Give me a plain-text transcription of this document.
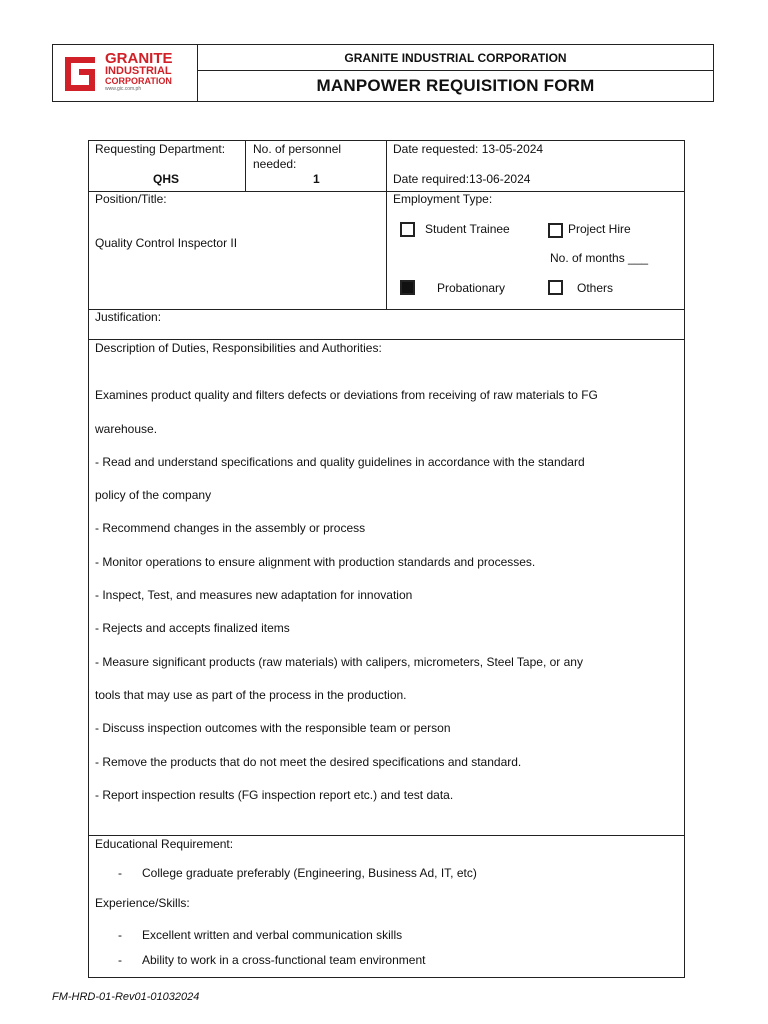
GRANITE
INDUSTRIAL
CORPORATION
www.gic.com.ph
GRANITE INDUSTRIAL CORPORATION
MANPOWER REQUISITION FORM
Requesting Department:
QHS
No. of personnel
needed:
1
Date requested: 13-05-2024
Date required:13-06-2024
Position/Title:
Quality Control Inspector II
Employment Type:
Student Trainee	Project Hire
No. of months ___
Probationary	Others
Justification:
Description of Duties, Responsibilities and Authorities:
Examines product quality and filters defects or deviations from receiving of raw materials to FG
warehouse.
- Read and understand specifications and quality guidelines in accordance with the standard
policy of the company
- Recommend changes in the assembly or process
- Monitor operations to ensure alignment with production standards and processes.
- Inspect, Test, and measures new adaptation for innovation
- Rejects and accepts finalized items
- Measure significant products (raw materials) with calipers, micrometers, Steel Tape, or any
tools that may use as part of the process in the production.
- Discuss inspection outcomes with the responsible team or person
- Remove the products that do not meet the desired specifications and standard.
- Report inspection results (FG inspection report etc.) and test data.
Educational Requirement:
- College graduate preferably (Engineering, Business Ad, IT, etc)
Experience/Skills:
- Excellent written and verbal communication skills
- Ability to work in a cross-functional team environment
FM-HRD-01-Rev01-01032024
